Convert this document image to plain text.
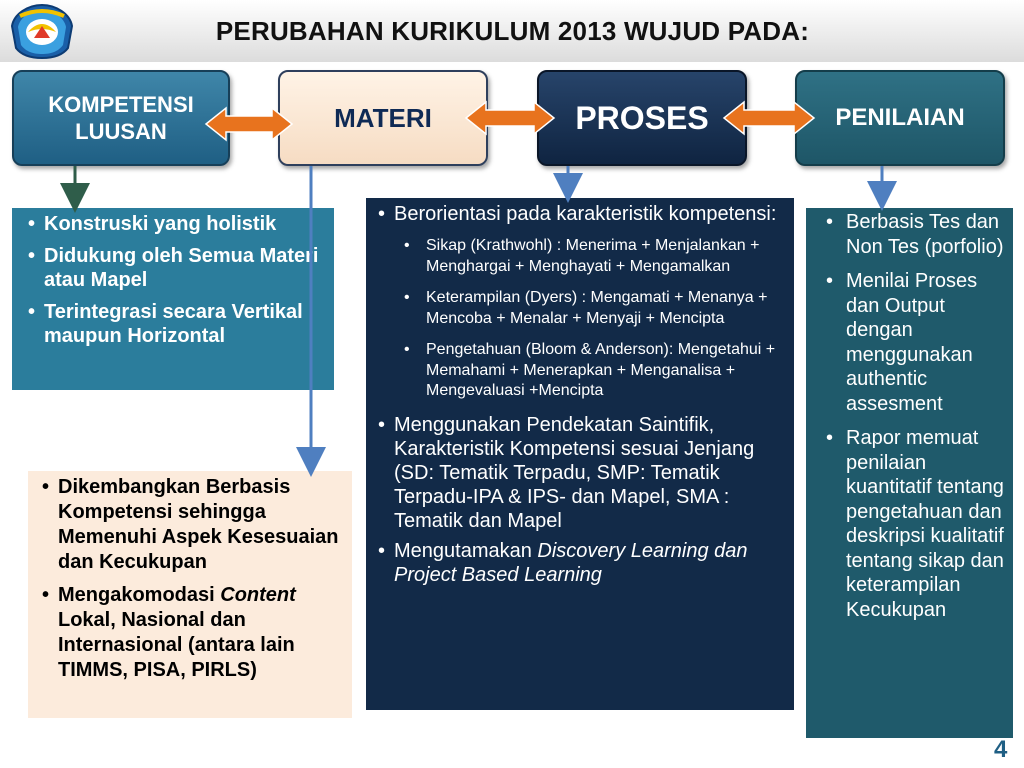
PERUBAHAN KURIKULUM 2013 WUJUD PADA:
KOMPETENSI
LUUSAN	MATERI	PROSES	PENILAIAN
• Konstruski yang holistik
• Didukung oleh Semua Materi atau Mapel
• Terintegrasi secara Vertikal maupun Horizontal
• Dikembangkan Berbasis Kompetensi sehingga Memenuhi Aspek Kesesuaian dan Kecukupan
• Mengakomodasi Content Lokal, Nasional dan Internasional (antara lain TIMMS, PISA, PIRLS)
• Berorientasi pada karakteristik kompetensi:
• Sikap (Krathwohl) : Menerima + Menjalankan + Menghargai + Menghayati + Mengamalkan
• Keterampilan (Dyers) : Mengamati + Menanya + Mencoba + Menalar + Menyaji + Mencipta
• Pengetahuan (Bloom & Anderson): Mengetahui + Memahami + Menerapkan + Menganalisa + Mengevaluasi +Mencipta
• Menggunakan Pendekatan Saintifik, Karakteristik Kompetensi sesuai Jenjang (SD: Tematik Terpadu, SMP: Tematik Terpadu-IPA & IPS- dan Mapel, SMA : Tematik dan Mapel
• Mengutamakan Discovery Learning dan Project Based Learning
• Berbasis Tes dan Non Tes (porfolio)
• Menilai Proses dan Output dengan menggunakan authentic assesment
• Rapor memuat penilaian kuantitatif tentang pengetahuan dan deskripsi kualitatif tentang sikap dan keterampilan Kecukupan
4
